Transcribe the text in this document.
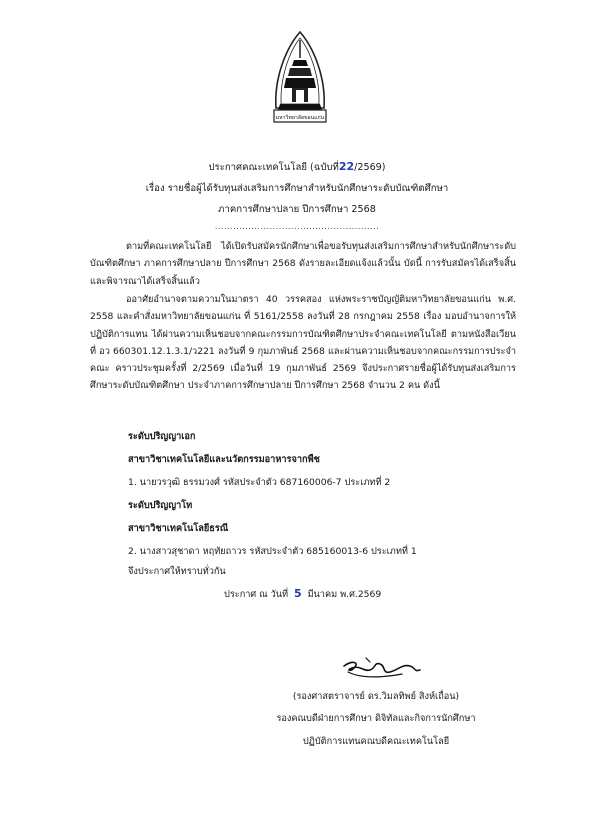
มหาวิทยาลัยขอนแก่น
ประกาศคณะเทคโนโลยี (ฉบับที่22/2569)
เรื่อง รายชื่อผู้ได้รับทุนส่งเสริมการศึกษาสำหรับนักศึกษาระดับบัณฑิตศึกษา
ภาคการศึกษาปลาย ปีการศึกษา 2568
......................................................
ตามที่คณะเทคโนโลยี ได้เปิดรับสมัครนักศึกษาเพื่อขอรับทุนส่งเสริมการศึกษาสำหรับนักศึกษาระดับบัณฑิตศึกษา ภาคการศึกษาปลาย ปีการศึกษา 2568 ดังรายละเอียดแจ้งแล้วนั้น บัดนี้ การรับสมัครได้เสร็จสิ้นและพิจารณาได้เสร็จสิ้นแล้ว
ออาศัยอำนาจตามความในมาตรา 40 วรรคสอง แห่งพระราชบัญญัติมหาวิทยาลัยขอนแก่น พ.ศ. 2558 และคำสั่งมหาวิทยาลัยขอนแก่น ที่ 5161/2558 ลงวันที่ 28 กรกฎาคม 2558 เรื่อง มอบอำนาจการให้ปฏิบัติการแทน ได้ผ่านความเห็นชอบจากคณะกรรมการบัณฑิตศึกษาประจำคณะเทคโนโลยี ตามหนังสือเวียนที่ อว 660301.12.1.3.1/ว221 ลงวันที่ 9 กุมภาพันธ์ 2568 และผ่านความเห็นชอบจากคณะกรรมการประจำคณะ คราวประชุมครั้งที่ 2/2569 เมื่อวันที่ 19 กุมภาพันธ์ 2569 จึงประกาศรายชื่อผู้ได้รับทุนส่งเสริมการศึกษาระดับบัณฑิตศึกษา ประจำภาคการศึกษาปลาย ปีการศึกษา 2568 จำนวน 2 คน ดังนี้
ระดับปริญญาเอก
สาขาวิชาเทคโนโลยีและนวัตกรรมอาหารจากพืช
1. นายวรวุฒิ ธรรมวงศ์ รหัสประจำตัว 687160006-7 ประเภทที่ 2
ระดับปริญญาโท
สาขาวิชาเทคโนโลยีธรณี
2. นางสาวสุชาดา หฤทัยถาวร รหัสประจำตัว 685160013-6 ประเภทที่ 1
จึงประกาศให้ทราบทั่วกัน
ประกาศ ณ วันที่ 5 มีนาคม พ.ศ.2569
(รองศาสตราจารย์ ดร.วิมลทิพย์ สิงห์เถื่อน)
รองคณบดีฝ่ายการศึกษา ดิจิทัลและกิจการนักศึกษา
ปฏิบัติการแทนคณบดีคณะเทคโนโลยี
